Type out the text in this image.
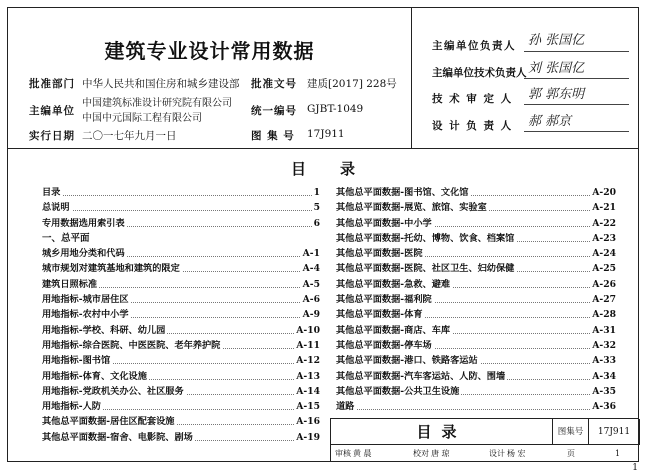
建筑专业设计常用数据
批准部门 中华人民共和国住房和城乡建设部 批准文号 建质[2017] 228号
主编单位
中国建筑标准设计研究院有限公司
中国中元国际工程有限公司
统一编号 GJBT-1049
实行日期 二〇一七年九月一日	图 集 号 17J911
主编单位负责人 孙 张国亿
主编单位技术负责人 刘 张国亿
技 术 审 定 人 郭 郭东明
设 计 负 责 人 郝 郝京
目录
目录	1
总说明	5
专用数据选用索引表	6
一、总平面
城乡用地分类和代码	A-1
城市规划对建筑基地和建筑的限定	A-4
建筑日照标准	A-5
用地指标-城市居住区	A-6
用地指标-农村中小学	A-9
用地指标-学校、科研、幼儿园	A-10
用地指标-综合医院、中医医院、老年养护院	A-11
用地指标-图书馆	A-12
用地指标-体育、文化设施	A-13
用地指标-党政机关办公、社区服务	A-14
用地指标-人防	A-15
其他总平面数据-居住区配套设施	A-16
其他总平面数据-宿舍、电影院、剧场	A-19
其他总平面数据-图书馆、文化馆	A-20
其他总平面数据-展览、旅馆、实验室	A-21
其他总平面数据-中小学	A-22
其他总平面数据-托幼、博物、饮食、档案馆	A-23
其他总平面数据-医院	A-24
其他总平面数据-医院、社区卫生、妇幼保健	A-25
其他总平面数据-急救、避难	A-26
其他总平面数据-福利院	A-27
其他总平面数据-体育	A-28
其他总平面数据-商店、车库	A-31
其他总平面数据-停车场	A-32
其他总平面数据-港口、铁路客运站	A-33
其他总平面数据-汽车客运站、人防、围墙	A-34
其他总平面数据-公共卫生设施	A-35
道路	A-36
目录	图集号	17J911
审核 黄 晨	校对 唐 琼	设计 杨 宏	页	1
1
